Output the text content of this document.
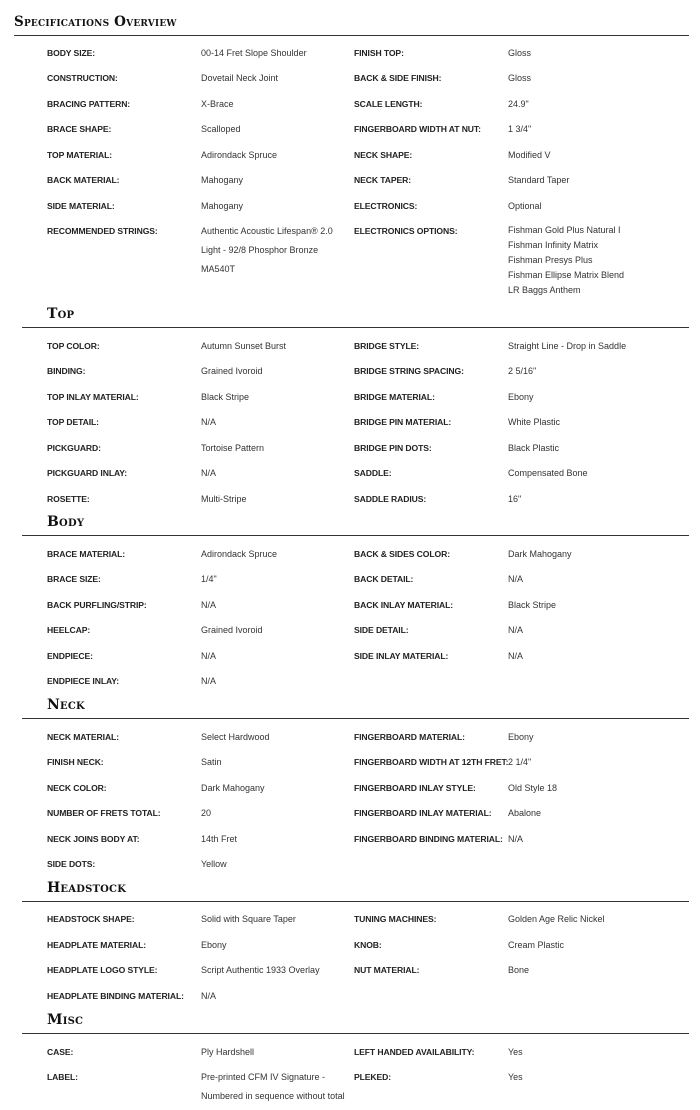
Specifications Overview
BODY SIZE:	00-14 Fret Slope Shoulder	FINISH TOP:	Gloss
CONSTRUCTION:	Dovetail Neck Joint	BACK & SIDE FINISH:	Gloss
BRACING PATTERN:	X-Brace	SCALE LENGTH:	24.9"
BRACE SHAPE:	Scalloped	FINGERBOARD WIDTH AT NUT:	1 3/4"
TOP MATERIAL:	Adirondack Spruce	NECK SHAPE:	Modified V
BACK MATERIAL:	Mahogany	NECK TAPER:	Standard Taper
SIDE MATERIAL:	Mahogany	ELECTRONICS:	Optional
RECOMMENDED STRINGS:	Authentic Acoustic Lifespan® 2.0 Light - 92/8 Phosphor Bronze MA540T
ELECTRONICS OPTIONS:	Fishman Gold Plus Natural I
Fishman Infinity Matrix
Fishman Presys Plus
Fishman Ellipse Matrix Blend
LR Baggs Anthem
Top
TOP COLOR:	Autumn Sunset Burst	BRIDGE STYLE:	Straight Line - Drop in Saddle
BINDING:	Grained Ivoroid	BRIDGE STRING SPACING:	2 5/16"
TOP INLAY MATERIAL:	Black Stripe	BRIDGE MATERIAL:	Ebony
TOP DETAIL:	N/A	BRIDGE PIN MATERIAL:	White Plastic
PICKGUARD:	Tortoise Pattern	BRIDGE PIN DOTS:	Black Plastic
PICKGUARD INLAY:	N/A	SADDLE:	Compensated Bone
ROSETTE:	Multi-Stripe	SADDLE RADIUS:	16"
Body
BRACE MATERIAL:	Adirondack Spruce	BACK & SIDES COLOR:	Dark Mahogany
BRACE SIZE:	1/4"	BACK DETAIL:	N/A
BACK PURFLING/STRIP:	N/A	BACK INLAY MATERIAL:	Black Stripe
HEELCAP:	Grained Ivoroid	SIDE DETAIL:	N/A
ENDPIECE:	N/A	SIDE INLAY MATERIAL:	N/A
ENDPIECE INLAY:	N/A
Neck
NECK MATERIAL:	Select Hardwood	FINGERBOARD MATERIAL:	Ebony
FINISH NECK:	Satin	FINGERBOARD WIDTH AT 12TH FRET: 2 1/4"
NECK COLOR:	Dark Mahogany	FINGERBOARD INLAY STYLE:	Old Style 18
NUMBER OF FRETS TOTAL:	20	FINGERBOARD INLAY MATERIAL: Abalone
NECK JOINS BODY AT:	14th Fret	FINGERBOARD BINDING MATERIAL: N/A
SIDE DOTS:	Yellow
Headstock
HEADSTOCK SHAPE:	Solid with Square Taper	TUNING MACHINES:	Golden Age Relic Nickel
HEADPLATE MATERIAL:	Ebony	KNOB:	Cream Plastic
HEADPLATE LOGO STYLE:	Script Authentic 1933 Overlay	NUT MATERIAL:	Bone
HEADPLATE BINDING MATERIAL: N/A
Misc
CASE:	Ply Hardshell	LEFT HANDED AVAILABILITY:	Yes
LABEL:	Pre-printed CFM IV Signature - Numbered in sequence without total
PLEKED:	Yes
